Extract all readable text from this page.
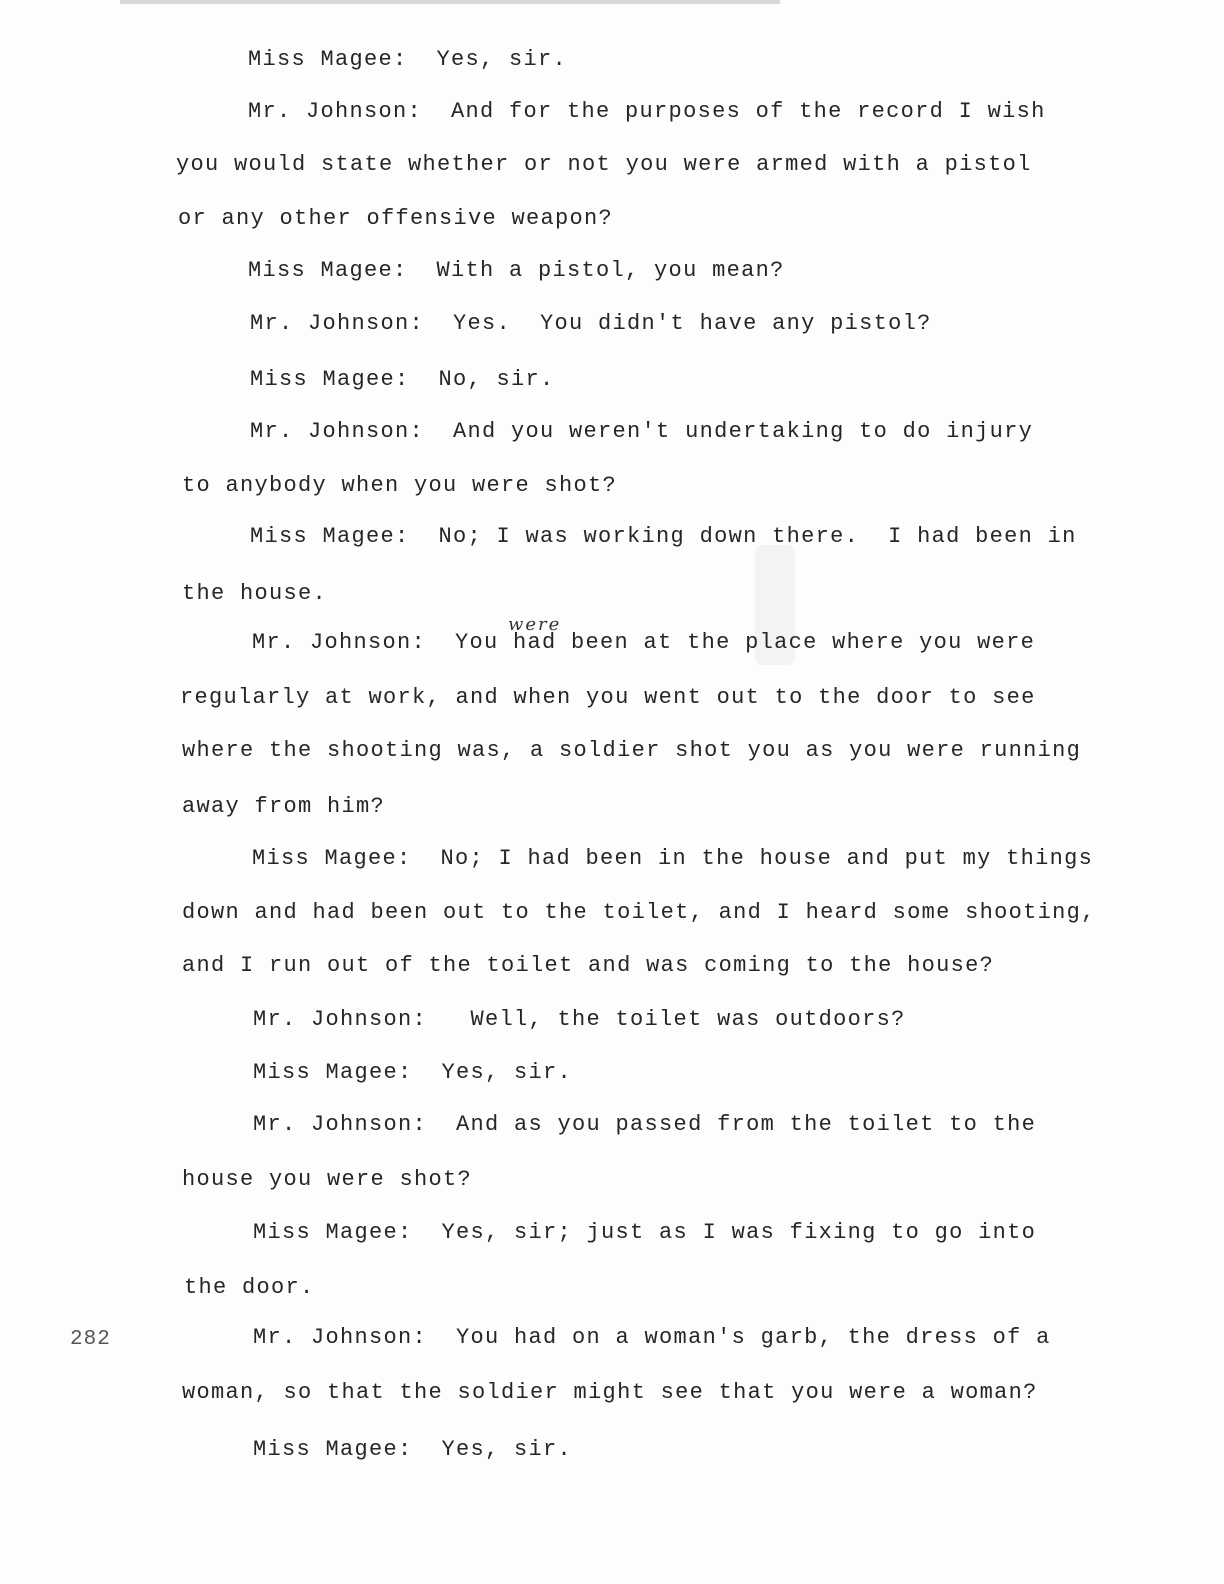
Miss Magee:  Yes, sir.
Mr. Johnson:  And for the purposes of the record I wish
you would state whether or not you were armed with a pistol
or any other offensive weapon?
Miss Magee:  With a pistol, you mean?
Mr. Johnson:  Yes.  You didn't have any pistol?
Miss Magee:  No, sir.
Mr. Johnson:  And you weren't undertaking to do injury
to anybody when you were shot?
Miss Magee:  No; I was working down there.  I had been in
the house.
Mr. Johnson:  You had been at the place where you were
regularly at work, and when you went out to the door to see
where the shooting was, a soldier shot you as you were running
away from him?
Miss Magee:  No; I had been in the house and put my things
down and had been out to the toilet, and I heard some shooting,
and I run out of the toilet and was coming to the house?
Mr. Johnson:   Well, the toilet was outdoors?
Miss Magee:  Yes, sir.
Mr. Johnson:  And as you passed from the toilet to the
house you were shot?
Miss Magee:  Yes, sir; just as I was fixing to go into
the door.
Mr. Johnson:  You had on a woman's garb, the dress of a
woman, so that the soldier might see that you were a woman?
Miss Magee:  Yes, sir.
were
282
